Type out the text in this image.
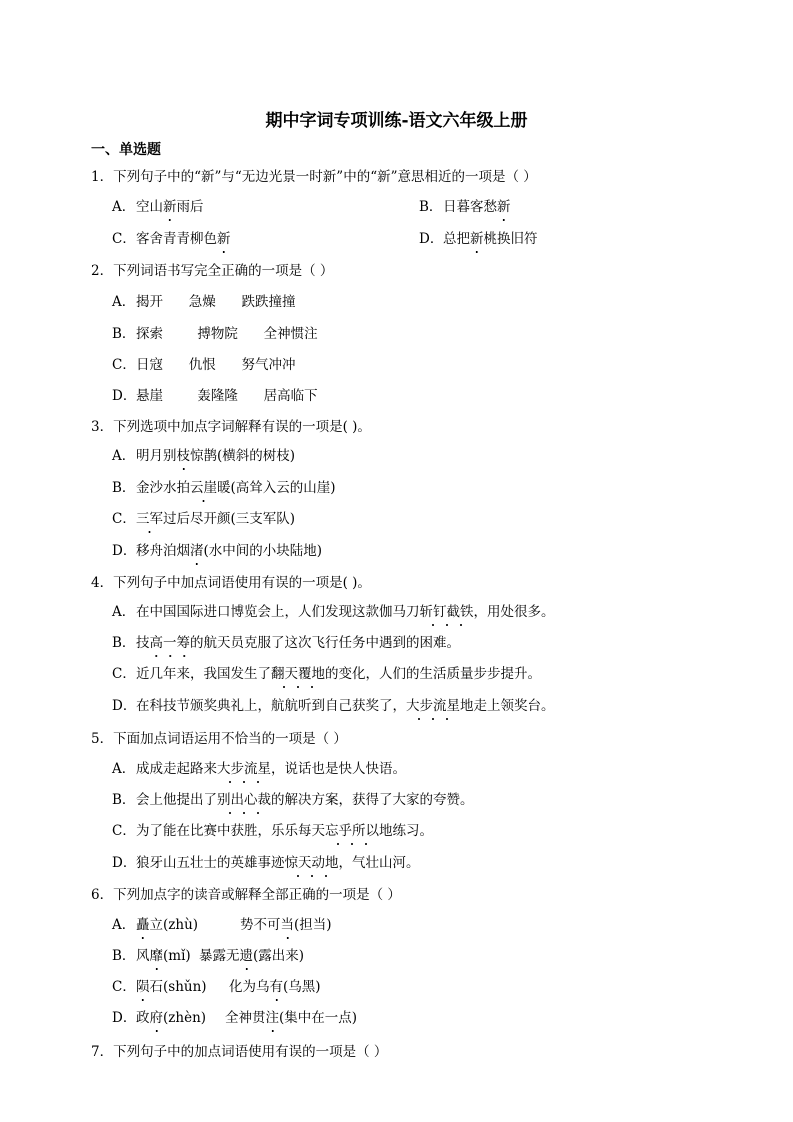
期中字词专项训练-语文六年级上册
一、单选题
1．下列句子中的“新”与“无边光景一时新”中的“新”意思相近的一项是（ ）
A．空山新雨后	B．日暮客愁新
C．客舍青青柳色新	D．总把新桃换旧符
2．下列词语书写完全正确的一项是（ ）
A．揭开      急燥      跌跌撞撞
B．探索        搏物院      全神惯注
C．日寇      仇恨      努气冲冲
D．悬崖        轰隆隆      居高临下
3．下列选项中加点字词解释有误的一项是( )。
A．明月别枝惊鹊(横斜的树枝)
B．金沙水拍云崖暖(高耸入云的山崖)
C．三军过后尽开颜(三支军队)
D．移舟泊烟渚(水中间的小块陆地)
4．下列句子中加点词语使用有误的一项是( )。
A．在中国国际进口博览会上，人们发现这款伽马刀斩钉截铁，用处很多。
B．技高一筹的航天员克服了这次飞行任务中遇到的困难。
C．近几年来，我国发生了翻天覆地的变化，人们的生活质量步步提升。
D．在科技节颁奖典礼上，航航听到自己获奖了，大步流星地走上领奖台。
5．下面加点词语运用不恰当的一项是（ ）
A．成成走起路来大步流星，说话也是快人快语。
B．会上他提出了别出心裁的解决方案，获得了大家的夸赞。
C．为了能在比赛中获胜，乐乐每天忘乎所以地练习。
D．狼牙山五壮士的英雄事迹惊天动地，气壮山河。
6．下列加点字的读音或解释全部正确的一项是（ ）
A．矗立(zhù)	势不可当(担当)
B．风靡(mǐ) 暴露无遗(露出来)
C．陨石(shǔn) 化为乌有(乌黑)
D．政府(zhèn) 全神贯注(集中在一点)
7．下列句子中的加点词语使用有误的一项是（ ）
